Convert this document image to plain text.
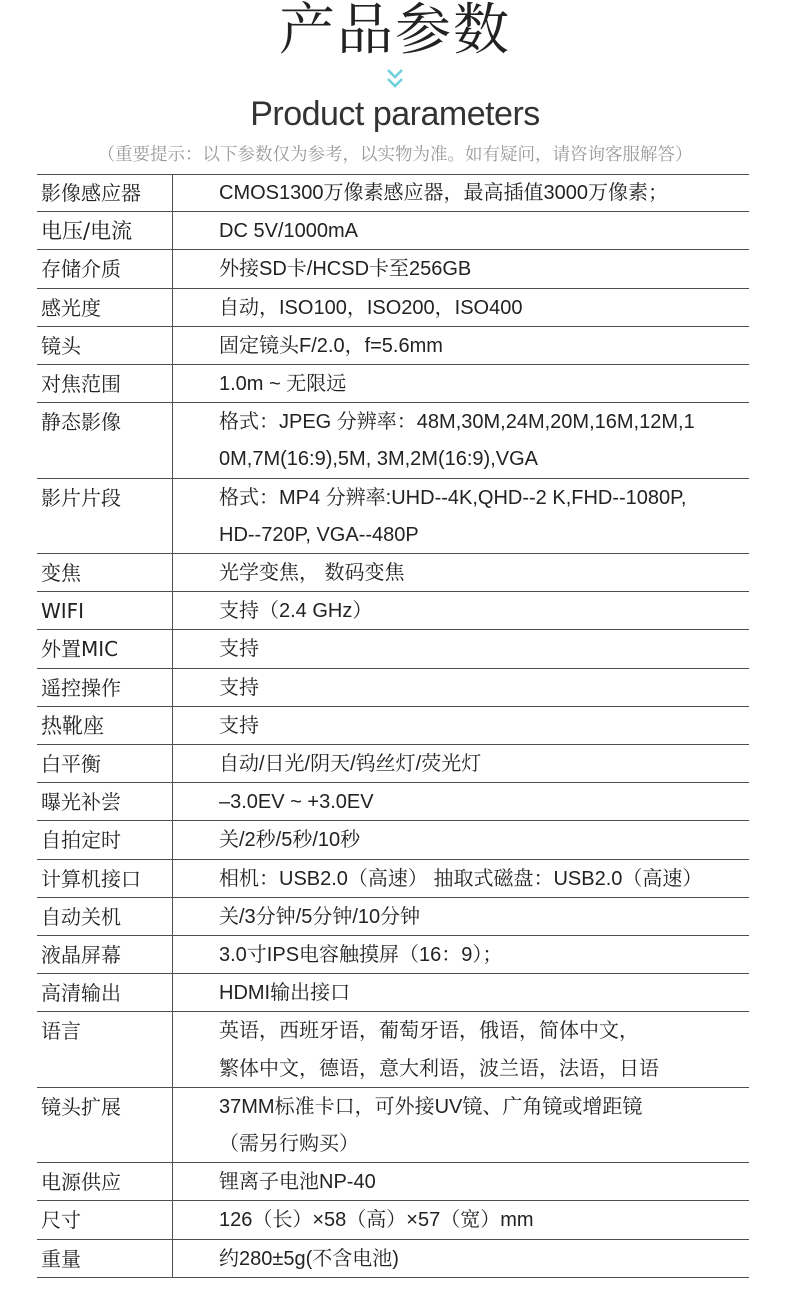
产品参数
Product parameters
（重要提示：以下参数仅为参考，以实物为准。如有疑问，请咨询客服解答）
影像感应器	CMOS1300万像素感应器，最高插值3000万像素；
电压/电流	DC 5V/1000mA
存储介质	外接SD卡/HCSD卡至256GB
感光度	自动，ISO100，ISO200，ISO400
镜头	固定镜头F/2.0，f=5.6mm
对焦范围	1.0m ~ 无限远
静态影像	格式：JPEG 分辨率：48M,30M,24M,20M,16M,12M,1
0M,7M(16:9),5M, 3M,2M(16:9),VGA
影片片段	格式：MP4 分辨率:UHD--4K,QHD--2 K,FHD--1080P,
HD--720P, VGA--480P
变焦	光学变焦， 数码变焦
WIFI	支持（2.4 GHz）
外置MIC	支持
遥控操作	支持
热靴座	支持
白平衡	自动/日光/阴天/钨丝灯/荧光灯
曝光补尝	–3.0EV ~ +3.0EV
自拍定时	关/2秒/5秒/10秒
计算机接口	相机：USB2.0（高速） 抽取式磁盘：USB2.0（高速）
自动关机	关/3分钟/5分钟/10分钟
液晶屏幕	3.0寸IPS电容触摸屏（16：9）；
高清输出	HDMI输出接口
语言	英语，西班牙语，葡萄牙语，俄语，简体中文，
繁体中文，德语，意大利语，波兰语，法语，日语
镜头扩展	37MM标准卡口，可外接UV镜、广角镜或增距镜
（需另行购买）
电源供应	锂离子电池NP-40
尺寸	126（长）×58（高）×57（宽）mm
重量	约280±5g(不含电池)
